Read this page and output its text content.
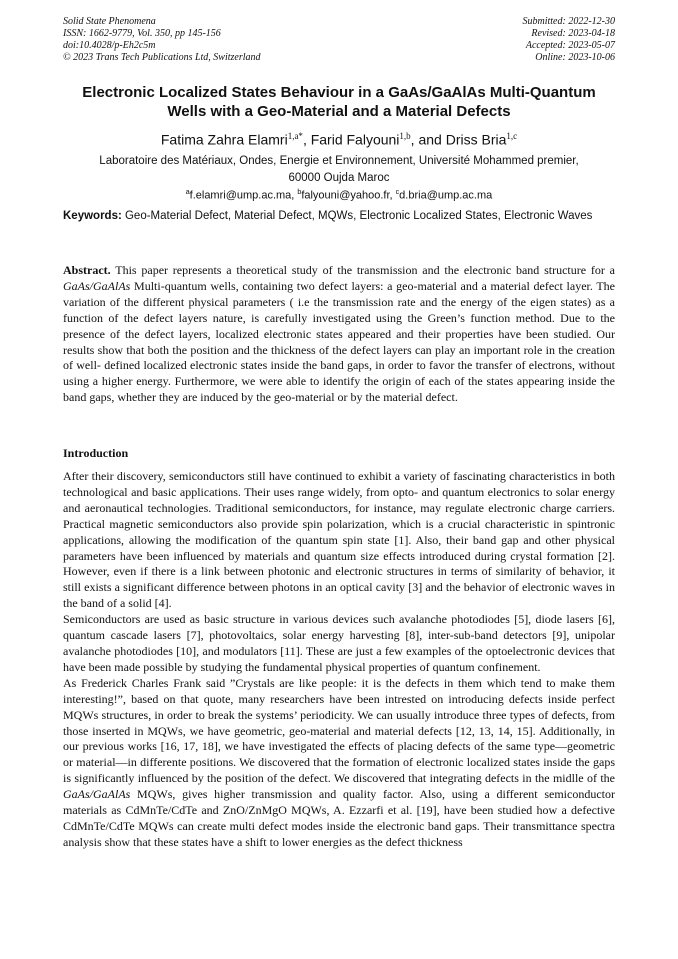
Solid State Phenomena
ISSN: 1662-9779, Vol. 350, pp 145-156
doi:10.4028/p-Eh2c5m
© 2023 Trans Tech Publications Ltd, Switzerland
Submitted: 2022-12-30
Revised: 2023-04-18
Accepted: 2023-05-07
Online: 2023-10-06
Electronic Localized States Behaviour in a GaAs/GaAlAs Multi-Quantum
Wells with a Geo-Material and a Material Defects
Fatima Zahra Elamri$^{1,a*}$, Farid Falyouni$^{1,b}$, and Driss Bria$^{1,c}$
Laboratoire des Matériaux, Ondes, Energie et Environnement, Université Mohammed premier,
60000 Oujda Maroc
$^a$f.elamri@ump.ac.ma, $^b$falyouni@yahoo.fr, $^c$d.bria@ump.ac.ma
Keywords: Geo-Material Defect, Material Defect, MQWs, Electronic Localized States, Electronic Waves

Abstract. This paper represents a theoretical study of the transmission and the electronic band structure for a GaAs/GaAlAs Multi-quantum wells, containing two defect layers: a geo-material and a material defect layer. The variation of the different physical parameters ( i.e the transmission rate and the energy of the eigen states) as a function of the defect layers nature, is carefully investigated using the Green’s function method. Due to the presence of the defect layers, localized electronic states appeared and their properties have been studied. Our results show that both the position and the thickness of the defect layers can play an important role in the creation of well- defined localized electronic states inside the band gaps, in order to favor the transfer of electrons, without using a higher energy. Furthermore, we were able to identify the origin of each of the states appearing inside the band gaps, whether they are induced by the geo-material or by the material defect.

Introduction

After their discovery, semiconductors still have continued to exhibit a variety of fascinating characteristics in both technological and basic applications. Their uses range widely, from opto- and quantum electronics to solar energy and aeronautical technologies. Traditional semiconductors, for instance, may regulate electronic charge carriers. Practical magnetic semiconductors also provide spin polarization, which is a crucial characteristic in spintronic applications, allowing the modification of the quantum spin state [1]. Also, their band gap and other physical parameters have been influenced by materials and quantum size effects introduced during crystal formation [2]. However, even if there is a link between photonic and electronic structures in terms of similarity of behavior, it still exists a significant difference between photons in an optical cavity [3] and the behavior of electronic waves in the band of a solid [4].

Semiconductors are used as basic structure in various devices such avalanche photodiodes [5], diode lasers [6], quantum cascade lasers [7], photovoltaics, solar energy harvesting [8], inter-sub-band detectors [9], unipolar avalanche photodiodes [10], and modulators [11]. These are just a few examples of the optoelectronic devices that have been made possible by studying the fundamental physical properties of quantum confinement.

As Frederick Charles Frank said ”Crystals are like people: it is the defects in them which tend to make them interesting!”, based on that quote, many researchers have been intrested on introducing defects inside perfect MQWs structures, in order to break the systems’ periodicity. We can usually introduce three types of defects, from those inserted in MQWs, we have geometric, geo-material and material defects [12, 13, 14, 15]. Additionally, in our previous works [16, 17, 18], we have investigated the effects of placing defects of the same type—geometric or material—in differente positions. We discovered that the formation of electronic localized states inside the gaps is significantly influenced by the position of the defect. We discovered that integrating defects in the midlle of the GaAs/GaAlAs MQWs, gives higher transmission and quality factor. Also, using a different semiconductor materials as CdMnTe/CdTe and ZnO/ZnMgO MQWs, A. Ezzarfi et al. [19], have been studied how a defective CdMnTe/CdTe MQWs can create multi defect modes inside the electronic band gaps. Their transmittance spectra analysis show that these states have a shift to lower energies as the defect thickness
